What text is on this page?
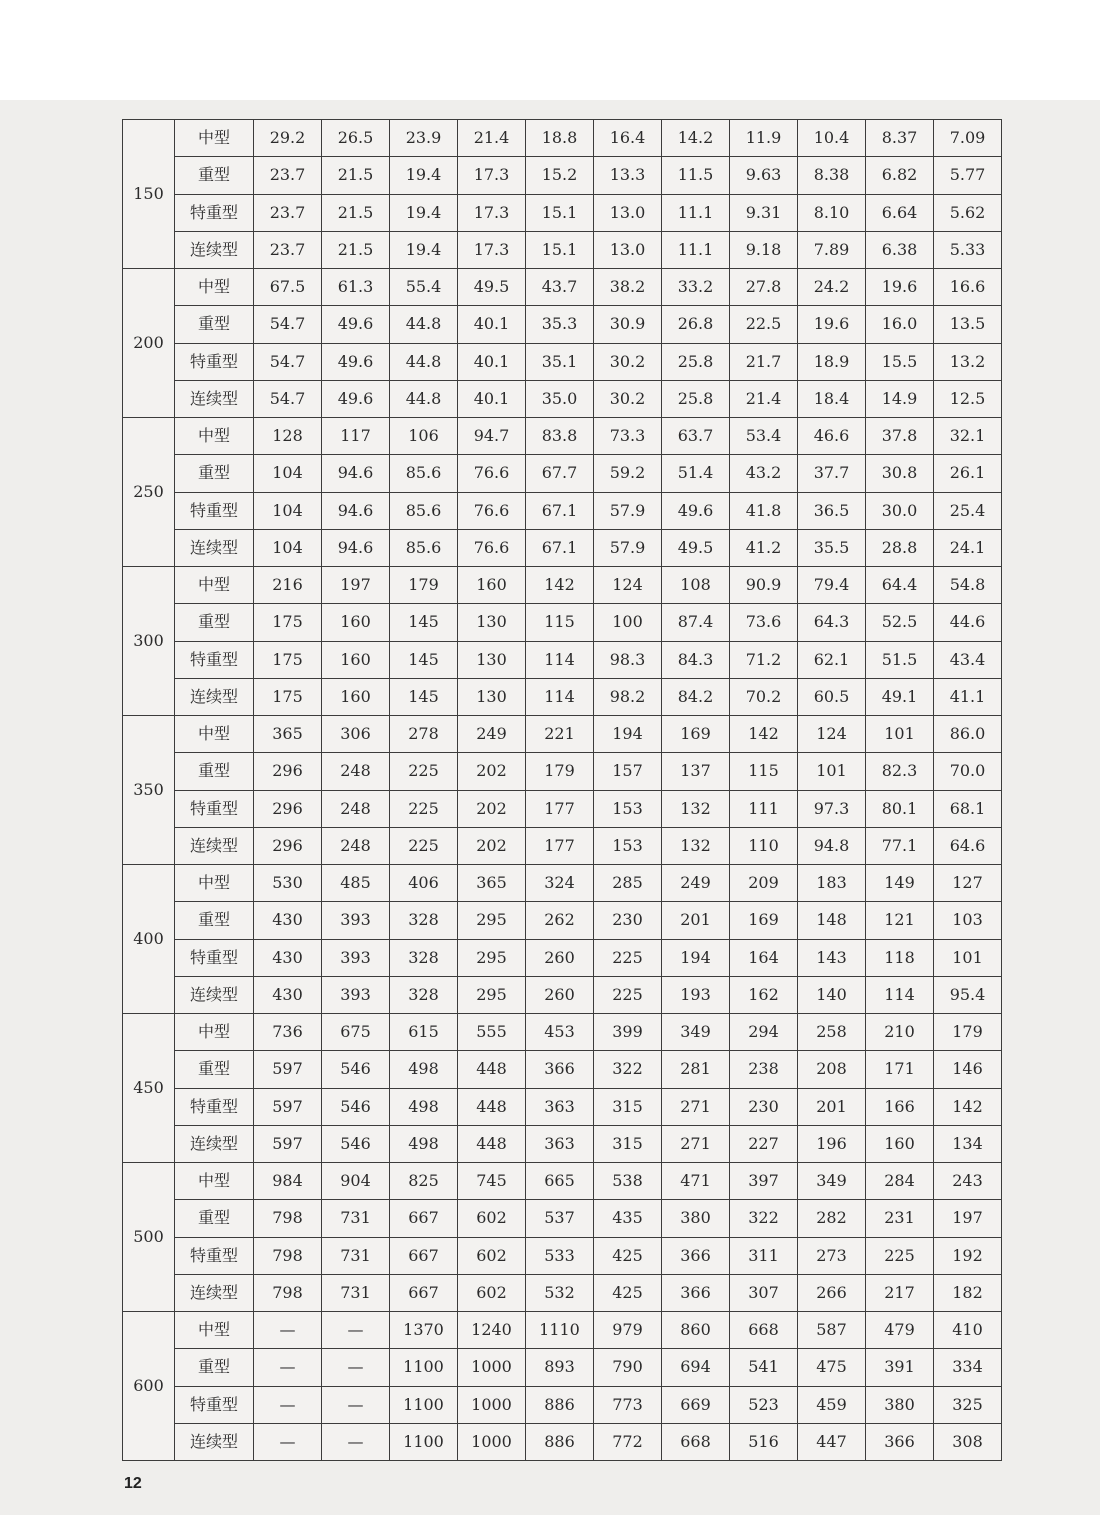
150	中型	29.2	26.5	23.9	21.4	18.8	16.4	14.2	11.9	10.4	8.37	7.09
	重型	23.7	21.5	19.4	17.3	15.2	13.3	11.5	9.63	8.38	6.82	5.77
	特重型	23.7	21.5	19.4	17.3	15.1	13.0	11.1	9.31	8.10	6.64	5.62
	连续型	23.7	21.5	19.4	17.3	15.1	13.0	11.1	9.18	7.89	6.38	5.33
200	中型	67.5	61.3	55.4	49.5	43.7	38.2	33.2	27.8	24.2	19.6	16.6
	重型	54.7	49.6	44.8	40.1	35.3	30.9	26.8	22.5	19.6	16.0	13.5
	特重型	54.7	49.6	44.8	40.1	35.1	30.2	25.8	21.7	18.9	15.5	13.2
	连续型	54.7	49.6	44.8	40.1	35.0	30.2	25.8	21.4	18.4	14.9	12.5
250	中型	128	117	106	94.7	83.8	73.3	63.7	53.4	46.6	37.8	32.1
	重型	104	94.6	85.6	76.6	67.7	59.2	51.4	43.2	37.7	30.8	26.1
	特重型	104	94.6	85.6	76.6	67.1	57.9	49.6	41.8	36.5	30.0	25.4
	连续型	104	94.6	85.6	76.6	67.1	57.9	49.5	41.2	35.5	28.8	24.1
300	中型	216	197	179	160	142	124	108	90.9	79.4	64.4	54.8
	重型	175	160	145	130	115	100	87.4	73.6	64.3	52.5	44.6
	特重型	175	160	145	130	114	98.3	84.3	71.2	62.1	51.5	43.4
	连续型	175	160	145	130	114	98.2	84.2	70.2	60.5	49.1	41.1
350	中型	365	306	278	249	221	194	169	142	124	101	86.0
	重型	296	248	225	202	179	157	137	115	101	82.3	70.0
	特重型	296	248	225	202	177	153	132	111	97.3	80.1	68.1
	连续型	296	248	225	202	177	153	132	110	94.8	77.1	64.6
400	中型	530	485	406	365	324	285	249	209	183	149	127
	重型	430	393	328	295	262	230	201	169	148	121	103
	特重型	430	393	328	295	260	225	194	164	143	118	101
	连续型	430	393	328	295	260	225	193	162	140	114	95.4
450	中型	736	675	615	555	453	399	349	294	258	210	179
	重型	597	546	498	448	366	322	281	238	208	171	146
	特重型	597	546	498	448	363	315	271	230	201	166	142
	连续型	597	546	498	448	363	315	271	227	196	160	134
500	中型	984	904	825	745	665	538	471	397	349	284	243
	重型	798	731	667	602	537	435	380	322	282	231	197
	特重型	798	731	667	602	533	425	366	311	273	225	192
	连续型	798	731	667	602	532	425	366	307	266	217	182
600	中型	—	—	1370	1240	1110	979	860	668	587	479	410
	重型	—	—	1100	1000	893	790	694	541	475	391	334
	特重型	—	—	1100	1000	886	773	669	523	459	380	325
	连续型	—	—	1100	1000	886	772	668	516	447	366	308
12
